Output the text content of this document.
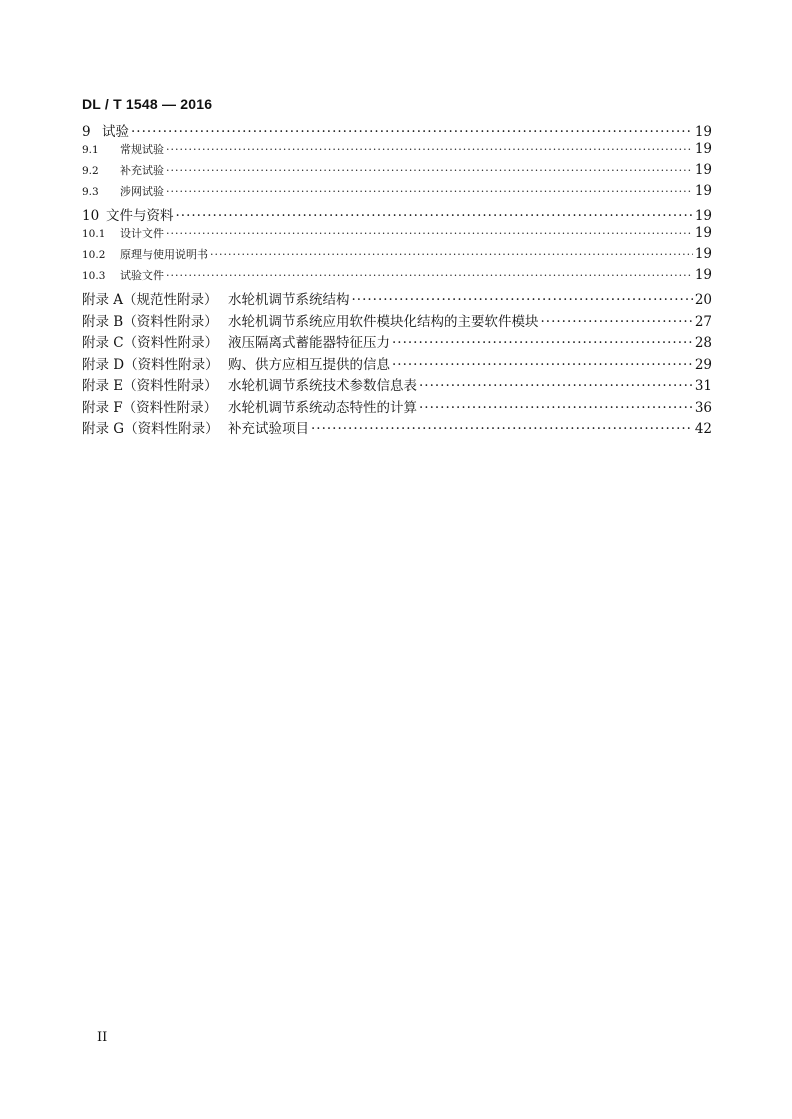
DL / T 1548 — 2016
9 试验 ·····	19
9.1	常规试验 ·····	19
9.2	补充试验 ·····	19
9.3	涉网试验 ·····	19
10 文件与资料 ·····	19
10.1	设计文件 ·····	19
10.2	原理与使用说明书 ·····	19
10.3	试验文件 ·····	19
附录 A（规范性附录） 水轮机调节系统结构 ·····	20
附录 B（资料性附录） 水轮机调节系统应用软件模块化结构的主要软件模块 ·····	27
附录 C（资料性附录） 液压隔离式蓄能器特征压力 ·····	28
附录 D（资料性附录） 购、供方应相互提供的信息 ·····	29
附录 E（资料性附录） 水轮机调节系统技术参数信息表 ·····	31
附录 F（资料性附录） 水轮机调节系统动态特性的计算 ·····	36
附录 G（资料性附录） 补充试验项目 ·····	42
II
